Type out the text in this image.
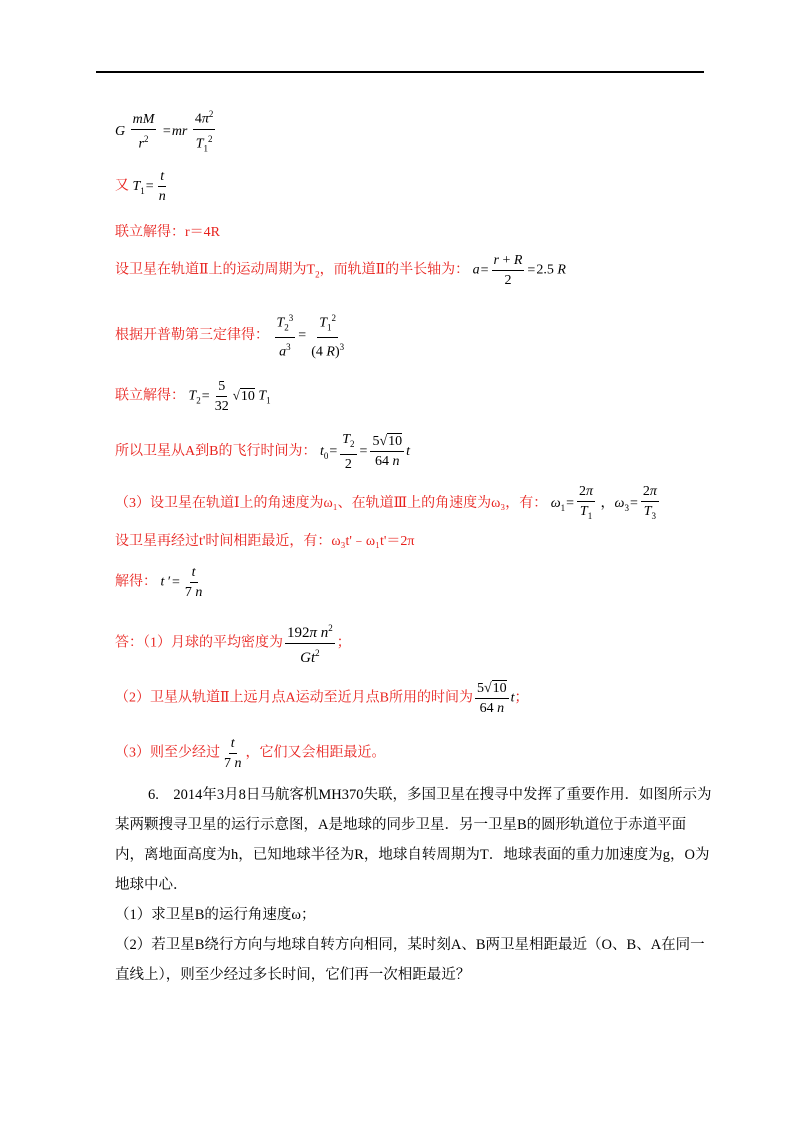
G $\frac{mM}{r^2} =mr \frac{4\pi^2}{T_1^2}$
又 $T_1= \frac{t}{n}$
联立解得：r＝4R
设卫星在轨道Ⅱ上的运动周期为$T_2$，而轨道Ⅱ的半长轴为： $a= \frac{r + R}{2} =2.5$ R
根据开普勒第三定律得： $\frac{T_2^3}{a^3} = \frac{T_1^2}{(4 R)^3}$
联立解得： $T_2= \frac{5}{32} √10$ $T_1$
所以卫星从A到B的飞行时间为： $t_0= \frac{T_2}{2} = \frac{5√10}{64 n}$ t
（3）设卫星在轨道Ⅰ上的角速度为ω₁、在轨道Ⅲ上的角速度为ω₃，有： $\omega_1= \frac{2\pi}{T_1}$ ，$\omega_3= \frac{2\pi}{T_3}$
设卫星再经过t'时间相距最近，有：ω₃t'﹣ω₁t'＝2π
解得： t ′= $\frac{t}{7 n}$
答：（1）月球的平均密度为 $\frac{192\pi n^2}{Gt^2}$ ；
（2）卫星从轨道Ⅱ上远月点A运动至近月点B所用的时间为 $\frac{5√10}{64 n}$ t；
（3）则至少经过 $\frac{t}{7 n}$ ，它们又会相距最近。

6.　2014年3月8日马航客机MH370失联，多国卫星在搜寻中发挥了重要作用．如图所示为某两颗搜寻卫星的运行示意图，A是地球的同步卫星．另一卫星B的圆形轨道位于赤道平面内，离地面高度为h，已知地球半径为R，地球自转周期为T．地球表面的重力加速度为g，O为地球中心．

（1）求卫星B的运行角速度ω；

（2）若卫星B绕行方向与地球自转方向相同，某时刻A、B两卫星相距最近（O、B、A在同一直线上），则至少经过多长时间，它们再一次相距最近？
